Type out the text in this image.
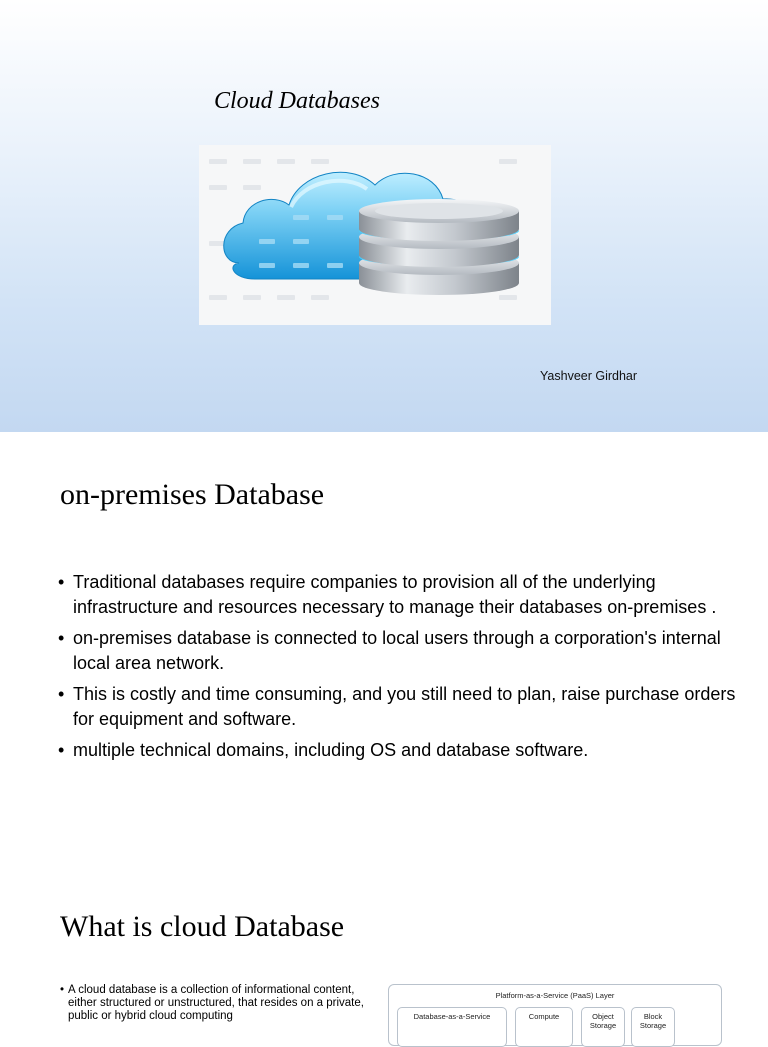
Cloud Databases
Yashveer Girdhar
on-premises Database
• Traditional databases require companies to provision all of the underlying infrastructure and resources necessary to manage their databases on-premises .
• on-premises database is connected to local users through a corporation's internal local area network.
• This is costly and time consuming, and you still need to plan, raise purchase orders for equipment and software.
• multiple technical domains, including OS and database software.
What is cloud Database
• A cloud database is a collection of informational content, either structured or unstructured, that resides on a private, public or hybrid cloud computing
Platform-as-a-Service (PaaS) Layer
Database-as-a-Service	Compute	Object Storage
Block Storage
